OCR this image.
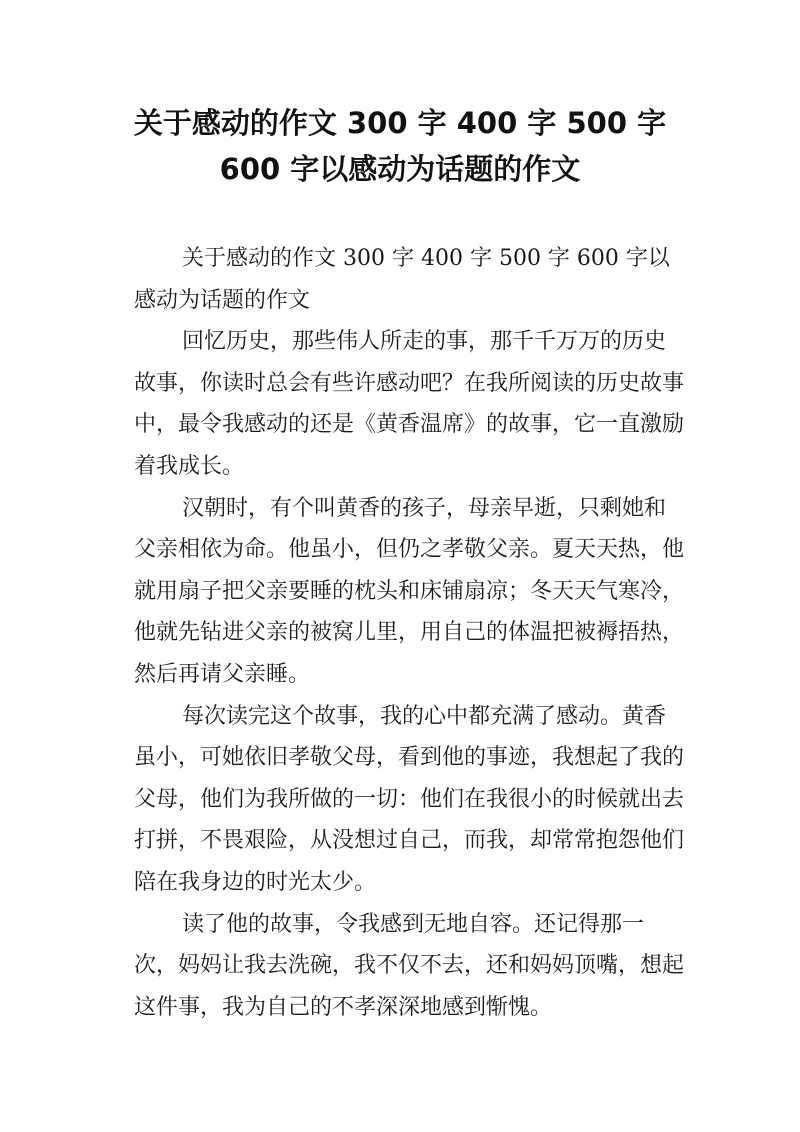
关于感动的作文 300 字 400 字 500 字
600 字以感动为话题的作文

关于感动的作文 300 字 400 字 500 字 600 字以感动为话题的作文

回忆历史，那些伟人所走的事，那千千万万的历史故事，你读时总会有些许感动吧？在我所阅读的历史故事中，最令我感动的还是《黄香温席》的故事，它一直激励着我成长。

汉朝时，有个叫黄香的孩子，母亲早逝，只剩她和父亲相依为命。他虽小，但仍之孝敬父亲。夏天天热，他就用扇子把父亲要睡的枕头和床铺扇凉；冬天天气寒冷，他就先钻进父亲的被窝儿里，用自己的体温把被褥捂热，然后再请父亲睡。

每次读完这个故事，我的心中都充满了感动。黄香虽小，可她依旧孝敬父母，看到他的事迹，我想起了我的父母，他们为我所做的一切：他们在我很小的时候就出去打拼，不畏艰险，从没想过自己，而我，却常常抱怨他们陪在我身边的时光太少。

读了他的故事，令我感到无地自容。还记得那一次，妈妈让我去洗碗，我不仅不去，还和妈妈顶嘴，想起这件事，我为自己的不孝深深地感到惭愧。
